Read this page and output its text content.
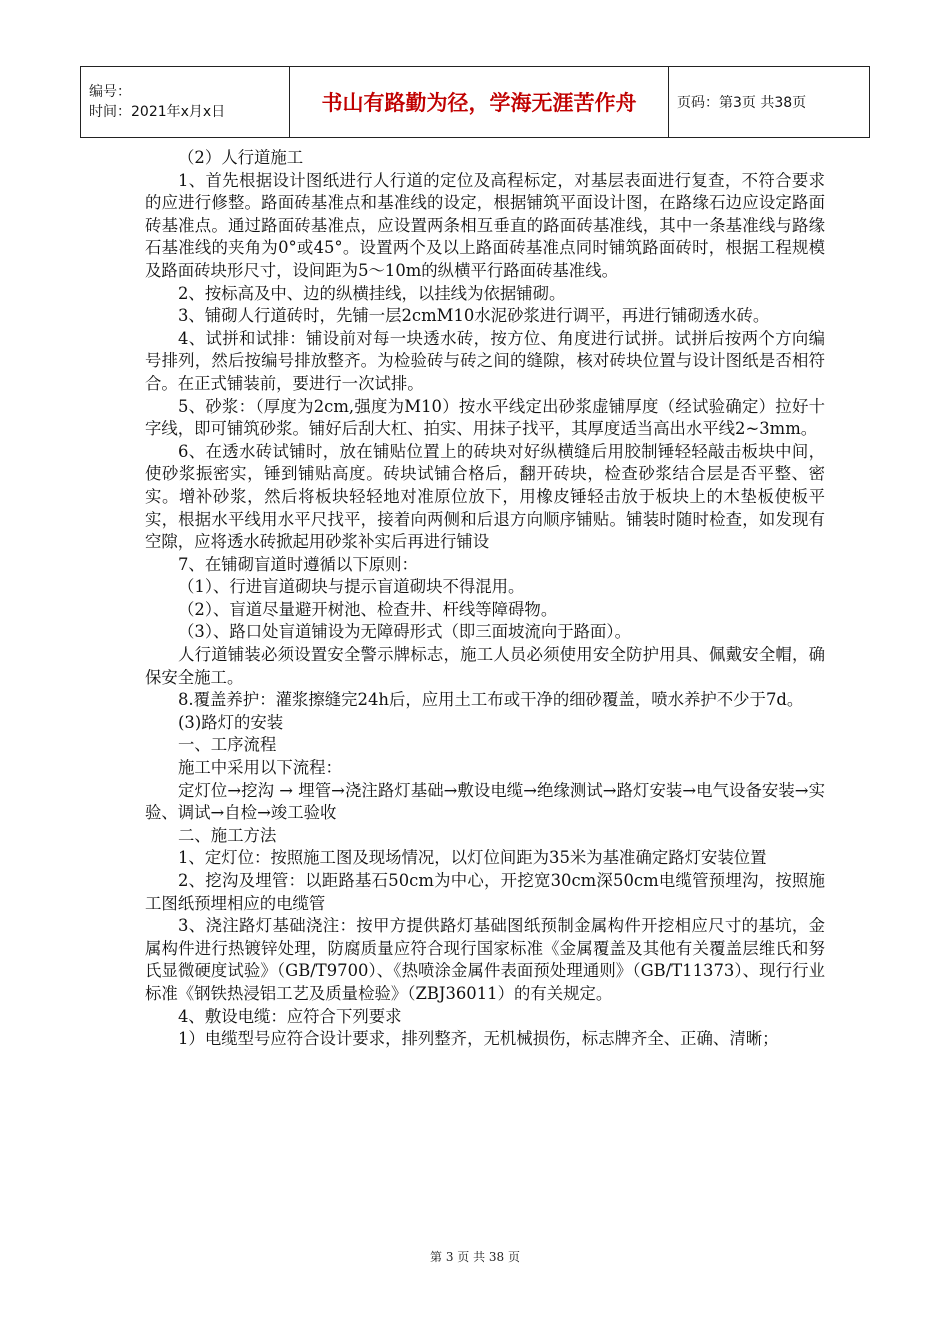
编号：
时间：2021年x月x日	书山有路勤为径，学海无涯苦作舟	页码：第3页 共38页

（2）人行道施工

1、首先根据设计图纸进行人行道的定位及高程标定，对基层表面进行复查，不符合要求的应进行修整。路面砖基准点和基准线的设定，根据铺筑平面设计图，在路缘石边应设定路面砖基准点。通过路面砖基准点，应设置两条相互垂直的路面砖基准线，其中一条基准线与路缘石基准线的夹角为0°或45°。设置两个及以上路面砖基准点同时铺筑路面砖时，根据工程规模及路面砖块形尺寸，设间距为5～10m的纵横平行路面砖基准线。

2、按标高及中、边的纵横挂线，以挂线为依据铺砌。

3、铺砌人行道砖时，先铺一层2cmM10水泥砂浆进行调平，再进行铺砌透水砖。

4、试拼和试排：铺设前对每一块透水砖，按方位、角度进行试拼。试拼后按两个方向编号排列，然后按编号排放整齐。为检验砖与砖之间的缝隙，核对砖块位置与设计图纸是否相符合。在正式铺装前，要进行一次试排。

5、砂浆：（厚度为2cm,强度为M10）按水平线定出砂浆虚铺厚度（经试验确定）拉好十字线，即可铺筑砂浆。铺好后刮大杠、拍实、用抹子找平，其厚度适当高出水平线2~3mm。

6、在透水砖试铺时，放在铺贴位置上的砖块对好纵横缝后用胶制锤轻轻敲击板块中间，使砂浆振密实，锤到铺贴高度。砖块试铺合格后，翻开砖块，检查砂浆结合层是否平整、密实。增补砂浆，然后将板块轻轻地对准原位放下，用橡皮锤轻击放于板块上的木垫板使板平实，根据水平线用水平尺找平，接着向两侧和后退方向顺序铺贴。铺装时随时检查，如发现有空隙，应将透水砖掀起用砂浆补实后再进行铺设

7、在铺砌盲道时遵循以下原则：

（1）、行进盲道砌块与提示盲道砌块不得混用。

（2）、盲道尽量避开树池、检查井、杆线等障碍物。

（3）、路口处盲道铺设为无障碍形式（即三面坡流向于路面）。

人行道铺装必须设置安全警示牌标志，施工人员必须使用安全防护用具、佩戴安全帽，确保安全施工。

8.覆盖养护：灌浆擦缝完24h后，应用土工布或干净的细砂覆盖，喷水养护不少于7d。

(3)路灯的安装

一、工序流程

施工中采用以下流程：

定灯位→挖沟 → 埋管→浇注路灯基础→敷设电缆→绝缘测试→路灯安装→电气设备安装→实验、调试→自检→竣工验收

二、施工方法

1、定灯位：按照施工图及现场情况，以灯位间距为35米为基准确定路灯安装位置

2、挖沟及埋管：以距路基石50cm为中心，开挖宽30cm深50cm电缆管预埋沟，按照施工图纸预埋相应的电缆管

3、浇注路灯基础浇注：按甲方提供路灯基础图纸预制金属构件开挖相应尺寸的基坑，金属构件进行热镀锌处理，防腐质量应符合现行国家标准《金属覆盖及其他有关覆盖层维氏和努氏显微硬度试验》（GB/T9700）、《热喷涂金属件表面预处理通则》（GB/T11373）、现行行业标准《钢铁热浸铝工艺及质量检验》（ZBJ36011）的有关规定。

4、敷设电缆：应符合下列要求

1）电缆型号应符合设计要求，排列整齐，无机械损伤，标志牌齐全、正确、清晰；

第 3 页 共 38 页
